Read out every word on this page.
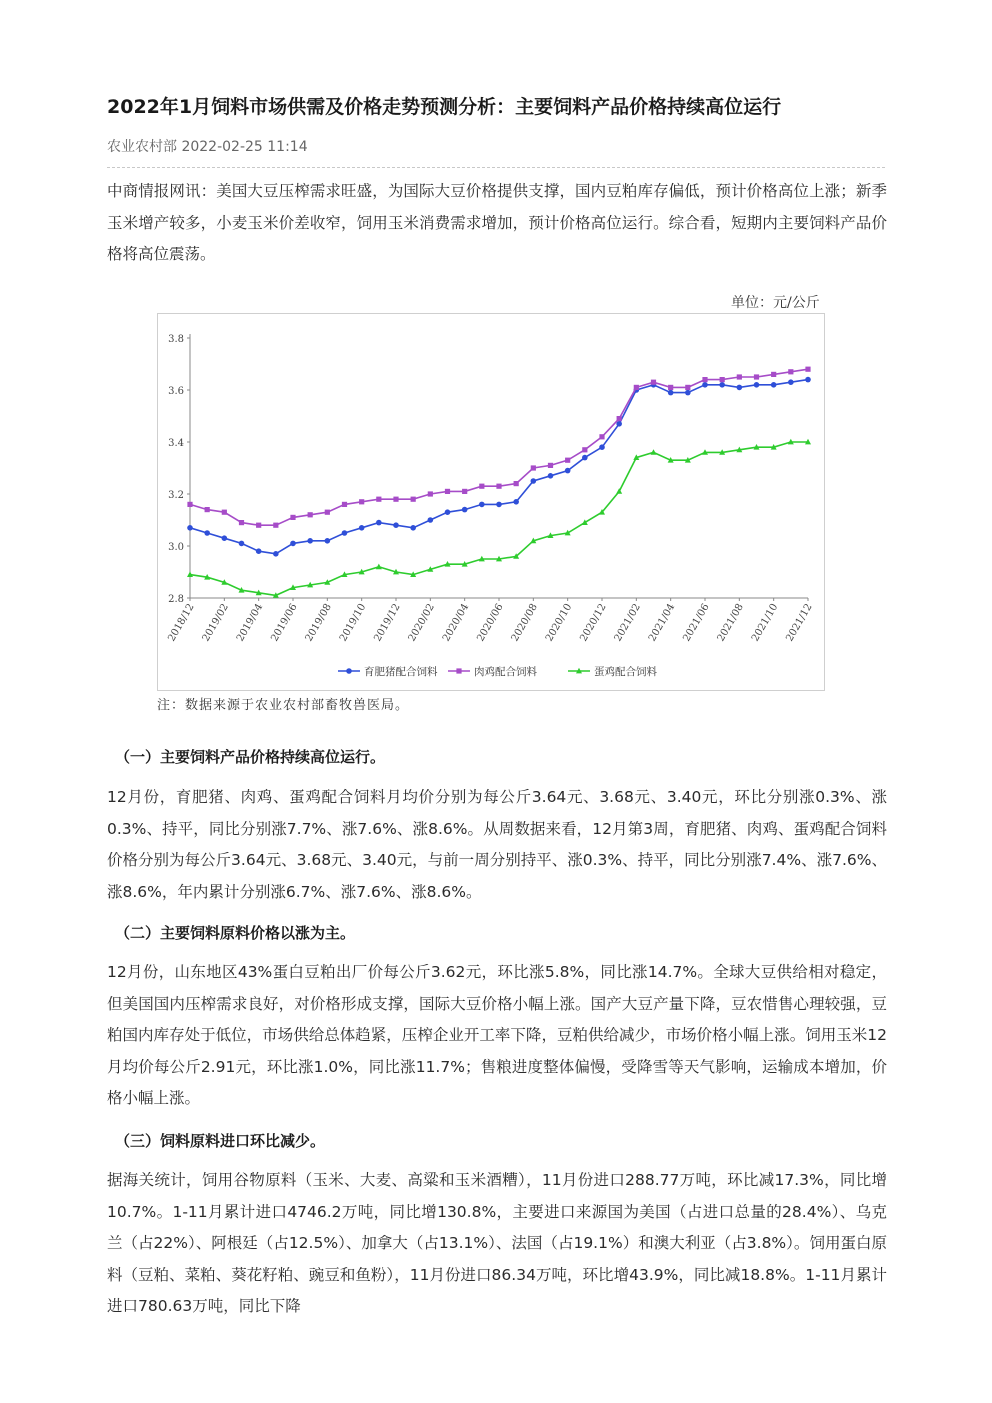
2022年1月饲料市场供需及价格走势预测分析：主要饲料产品价格持续高位运行
农业农村部 2022-02-25 11:14
中商情报网讯：美国大豆压榨需求旺盛，为国际大豆价格提供支撑，国内豆粕库存偏低，预计价格高位上涨；新季玉米增产较多，小麦玉米价差收窄，饲用玉米消费需求增加，预计价格高位运行。综合看，短期内主要饲料产品价格将高位震荡。
单位：元/公斤
2.8
3.0
3.2
3.4
3.6
3.8
2018/12 2019/02 2019/04 2019/06 2019/08 2019/10 2019/12 2020/02 2020/04 2020/06 2020/08 2020/10 2020/12 2021/02 2021/04 2021/06 2021/08 2021/10 2021/12
育肥猪配合饲料	肉鸡配合饲料	蛋鸡配合饲料
注：数据来源于农业农村部畜牧兽医局。
（一）主要饲料产品价格持续高位运行。
12月份，育肥猪、肉鸡、蛋鸡配合饲料月均价分别为每公斤3.64元、3.68元、3.40元，环比分别涨0.3%、涨0.3%、持平，同比分别涨7.7%、涨7.6%、涨8.6%。从周数据来看，12月第3周，育肥猪、肉鸡、蛋鸡配合饲料价格分别为每公斤3.64元、3.68元、3.40元，与前一周分别持平、涨0.3%、持平，同比分别涨7.4%、涨7.6%、涨8.6%，年内累计分别涨6.7%、涨7.6%、涨8.6%。
（二）主要饲料原料价格以涨为主。
12月份，山东地区43%蛋白豆粕出厂价每公斤3.62元，环比涨5.8%，同比涨14.7%。全球大豆供给相对稳定，但美国国内压榨需求良好，对价格形成支撑，国际大豆价格小幅上涨。国产大豆产量下降，豆农惜售心理较强，豆粕国内库存处于低位，市场供给总体趋紧，压榨企业开工率下降，豆粕供给减少，市场价格小幅上涨。饲用玉米12月均价每公斤2.91元，环比涨1.0%，同比涨11.7%；售粮进度整体偏慢，受降雪等天气影响，运输成本增加，价格小幅上涨。
（三）饲料原料进口环比减少。
据海关统计，饲用谷物原料（玉米、大麦、高粱和玉米酒糟），11月份进口288.77万吨，环比减17.3%，同比增10.7%。1-11月累计进口4746.2万吨，同比增130.8%，主要进口来源国为美国（占进口总量的28.4%）、乌克兰（占22%）、阿根廷（占12.5%）、加拿大（占13.1%）、法国（占19.1%）和澳大利亚（占3.8%）。饲用蛋白原料（豆粕、菜粕、葵花籽粕、豌豆和鱼粉），11月份进口86.34万吨，环比增43.9%，同比减18.8%。1-11月累计进口780.63万吨，同比下降
